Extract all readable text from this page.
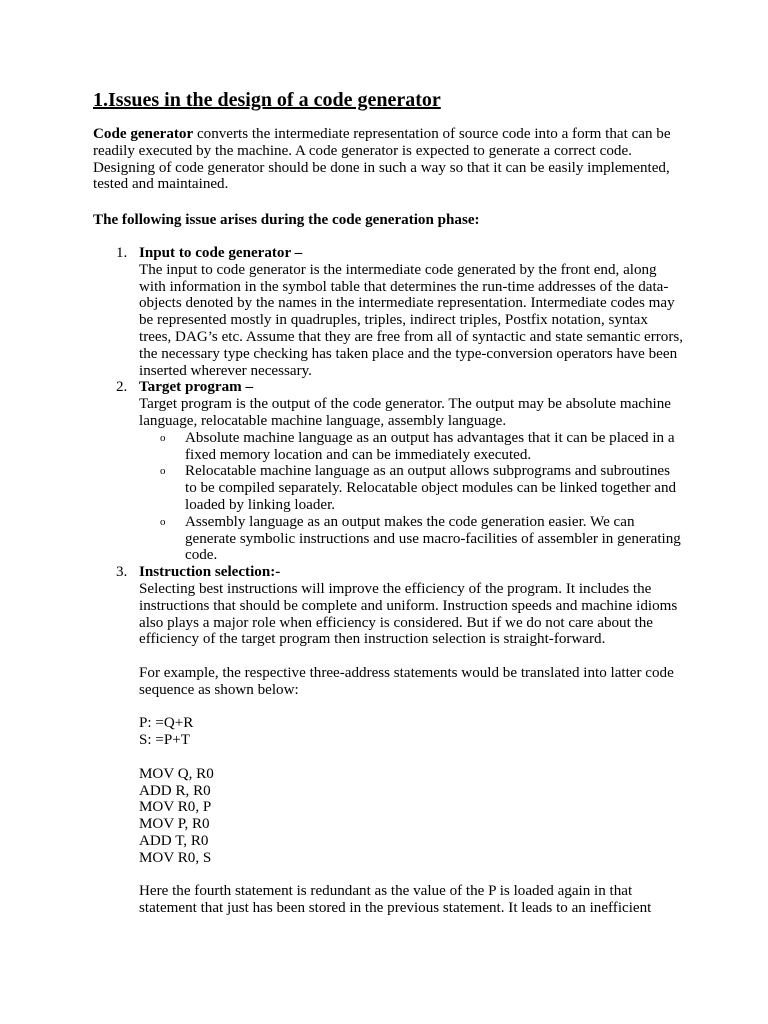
1.Issues in the design of a code generator

Code generator converts the intermediate representation of source code into a form that can be readily executed by the machine. A code generator is expected to generate a correct code. Designing of code generator should be done in such a way so that it can be easily implemented, tested and maintained.

The following issue arises during the code generation phase:

1. Input to code generator –
The input to code generator is the intermediate code generated by the front end, along with information in the symbol table that determines the run-time addresses of the data-objects denoted by the names in the intermediate representation. Intermediate codes may be represented mostly in quadruples, triples, indirect triples, Postfix notation, syntax trees, DAG’s etc. Assume that they are free from all of syntactic and state semantic errors, the necessary type checking has taken place and the type-conversion operators have been inserted wherever necessary.
2. Target program –
Target program is the output of the code generator. The output may be absolute machine language, relocatable machine language, assembly language.
o Absolute machine language as an output has advantages that it can be placed in a fixed memory location and can be immediately executed.
o Relocatable machine language as an output allows subprograms and subroutines to be compiled separately. Relocatable object modules can be linked together and loaded by linking loader.
o Assembly language as an output makes the code generation easier. We can generate symbolic instructions and use macro-facilities of assembler in generating code.
3. Instruction selection:-
Selecting best instructions will improve the efficiency of the program. It includes the instructions that should be complete and uniform. Instruction speeds and machine idioms also plays a major role when efficiency is considered. But if we do not care about the efficiency of the target program then instruction selection is straight-forward.
For example, the respective three-address statements would be translated into latter code sequence as shown below:
P: =Q+R
S: =P+T
MOV Q, R0
ADD R, R0
MOV R0, P
MOV P, R0
ADD T, R0
MOV R0, S
Here the fourth statement is redundant as the value of the P is loaded again in that statement that just has been stored in the previous statement. It leads to an inefficient
